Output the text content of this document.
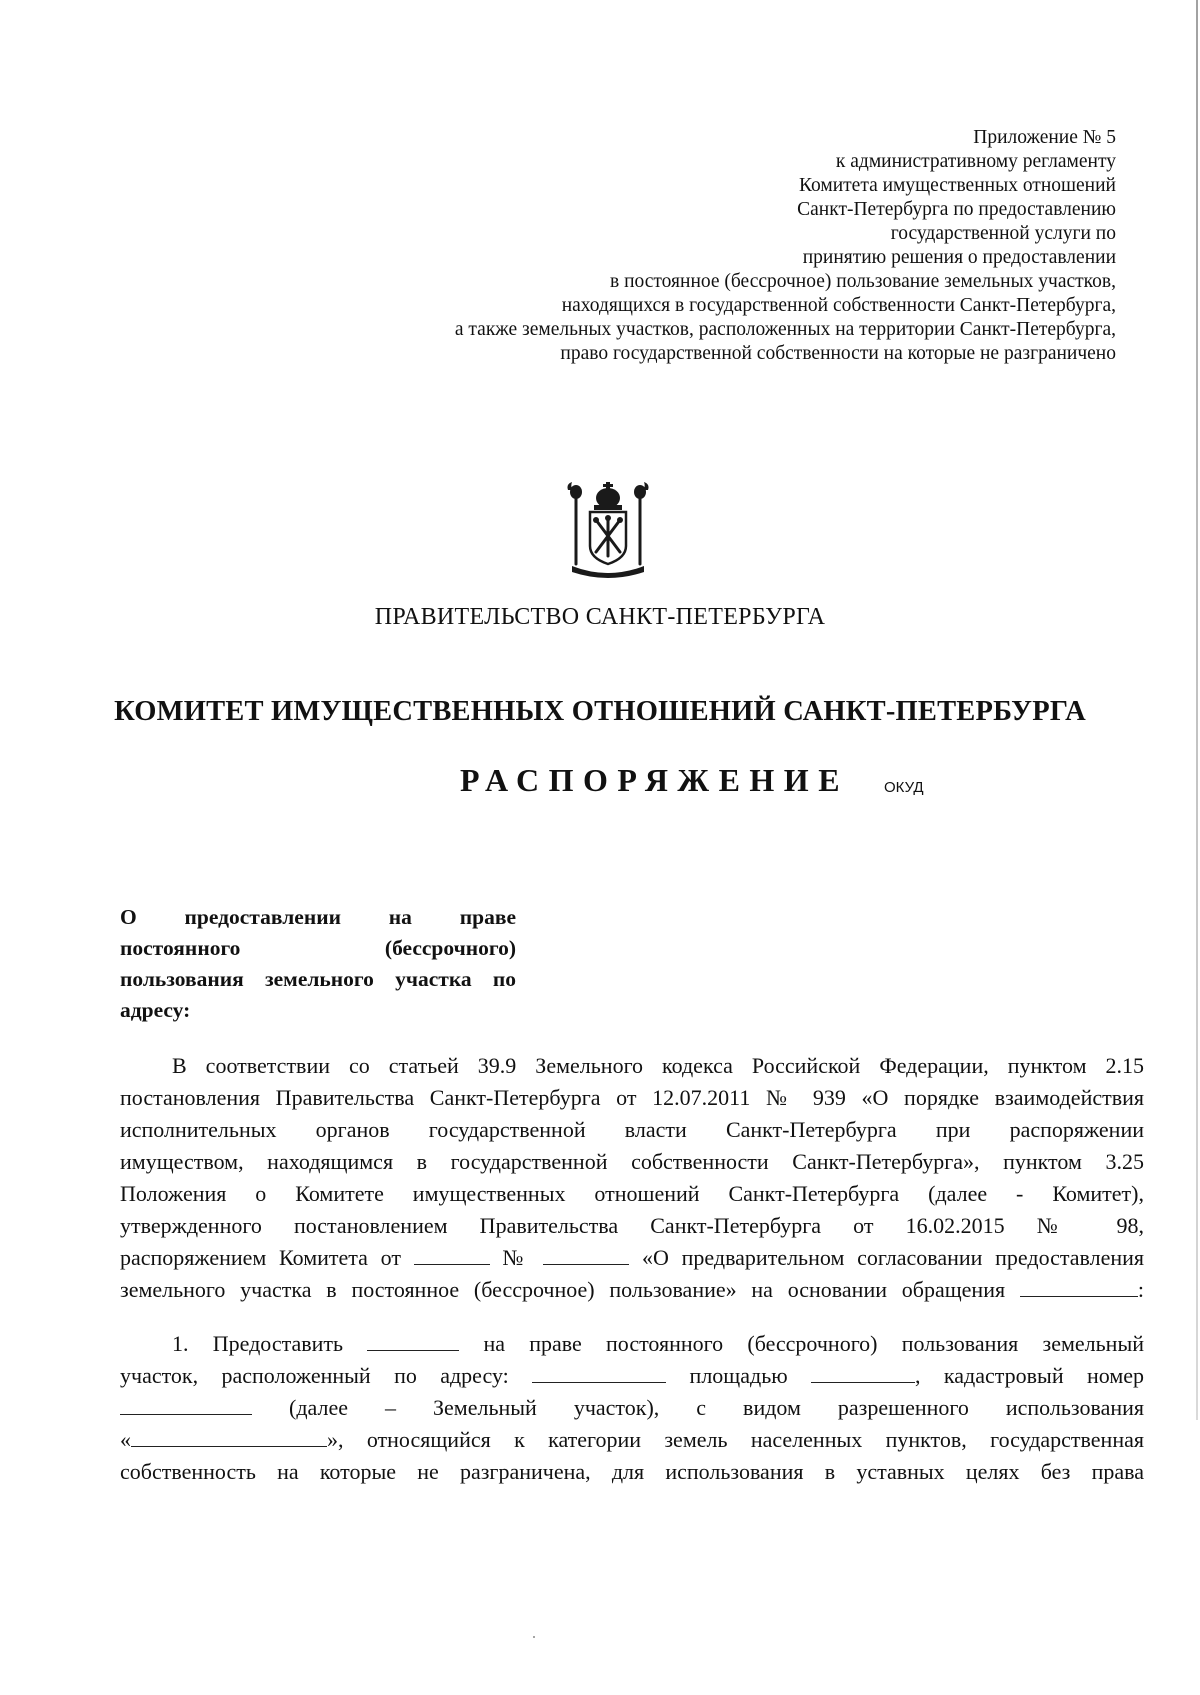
Приложение № 5
к административному регламенту
Комитета имущественных отношений
Санкт-Петербурга по предоставлению
государственной услуги по
принятию решения о предоставлении
в постоянное (бессрочное) пользование земельных участков,
находящихся в государственной собственности Санкт-Петербурга,
а также земельных участков, расположенных на территории Санкт-Петербурга,
право государственной собственности на которые не разграничено
ПРАВИТЕЛЬСТВО САНКТ-ПЕТЕРБУРГА
КОМИТЕТ ИМУЩЕСТВЕННЫХ ОТНОШЕНИЙ САНКТ-ПЕТЕРБУРГА
РАСПОРЯЖЕНИЕ ОКУД
О предоставлении на праве
постоянного (бессрочного)
пользования земельного участка по
адресу:
В соответствии со статьей 39.9 Земельного кодекса Российской Федерации, пунктом 2.15
постановления Правительства Санкт-Петербурга от 12.07.2011 № 939 «О порядке взаимодействия
исполнительных органов государственной власти Санкт-Петербурга при распоряжении
имуществом, находящимся в государственной собственности Санкт-Петербурга», пунктом 3.25
Положения о Комитете имущественных отношений Санкт-Петербурга (далее - Комитет),
утвержденного постановлением Правительства Санкт-Петербурга от 16.02.2015 № 98,
распоряжением Комитета от	№	«О предварительном согласовании предоставления
земельного участка в постоянное (бессрочное) пользование» на основании обращения	:
1. Предоставить	на праве постоянного (бессрочного) пользования земельный
участок, расположенный по адресу:	площадью	, кадастровый номер
(далее – Земельный участок), с видом разрешенного использования
«	», относящийся к категории земель населенных пунктов, государственная
собственность на которые не разграничена, для использования в уставных целях без права
